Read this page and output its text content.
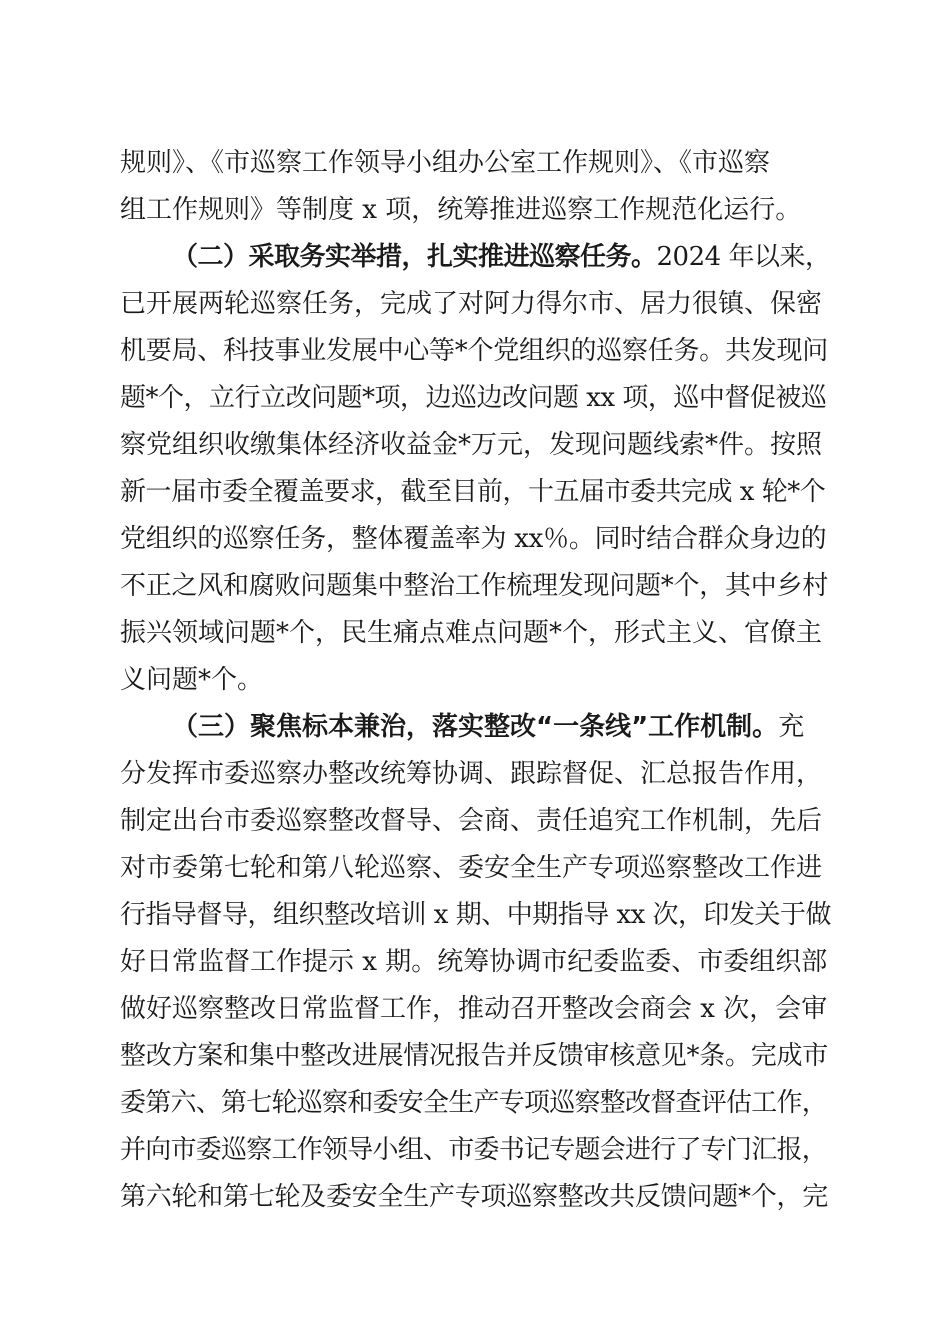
规则》、《市巡察工作领导小组办公室工作规则》、《市巡察
组工作规则》等制度 x 项，统筹推进巡察工作规范化运行。
（二）采取务实举措，扎实推进巡察任务。2024 年以来，
已开展两轮巡察任务，完成了对阿力得尔市、居力很镇、保密
机要局、科技事业发展中心等*个党组织的巡察任务。共发现问
题*个，立行立改问题*项，边巡边改问题 xx 项，巡中督促被巡
察党组织收缴集体经济收益金*万元，发现问题线索*件。按照
新一届市委全覆盖要求，截至目前，十五届市委共完成 x 轮*个
党组织的巡察任务，整体覆盖率为 xx％。同时结合群众身边的
不正之风和腐败问题集中整治工作梳理发现问题*个，其中乡村
振兴领域问题*个，民生痛点难点问题*个，形式主义、官僚主
义问题*个。
（三）聚焦标本兼治，落实整改“一条线”工作机制。充
分发挥市委巡察办整改统筹协调、跟踪督促、汇总报告作用，
制定出台市委巡察整改督导、会商、责任追究工作机制，先后
对市委第七轮和第八轮巡察、委安全生产专项巡察整改工作进
行指导督导，组织整改培训 x 期、中期指导 xx 次，印发关于做
好日常监督工作提示 x 期。统筹协调市纪委监委、市委组织部
做好巡察整改日常监督工作，推动召开整改会商会 x 次，会审
整改方案和集中整改进展情况报告并反馈审核意见*条。完成市
委第六、第七轮巡察和委安全生产专项巡察整改督查评估工作，
并向市委巡察工作领导小组、市委书记专题会进行了专门汇报，
第六轮和第七轮及委安全生产专项巡察整改共反馈问题*个，完
